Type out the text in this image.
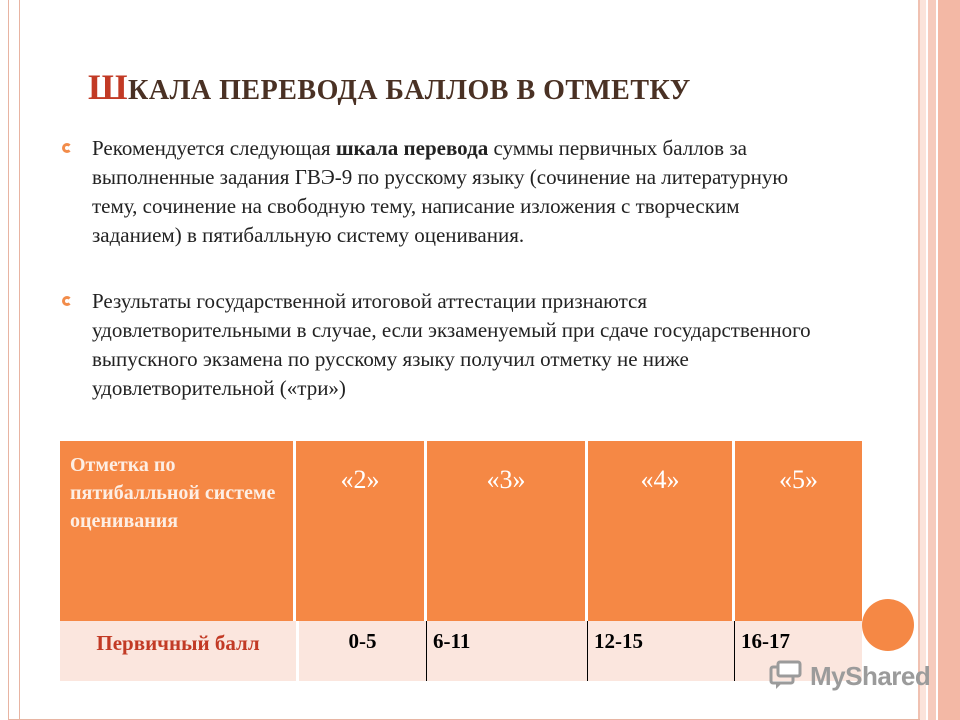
ШКАЛА ПЕРЕВОДА БАЛЛОВ В ОТМЕТКУ
Рекомендуется следующая шкала перевода суммы первичных баллов за выполненные задания ГВЭ-9 по русскому языку (сочинение на литературную тему, сочинение на свободную тему, написание изложения с творческим заданием) в пятибалльную систему оценивания.
Результаты государственной итоговой аттестации признаются удовлетворительными в случае, если экзаменуемый при сдаче государственного выпускного экзамена по русскому языку получил отметку не ниже удовлетворительной («три»)
Отметка по пятибалльной системе оценивания	«2»	«3»	«4»	«5»
Первичный балл	0-5	6-11	12-15	16-17
MyShared
